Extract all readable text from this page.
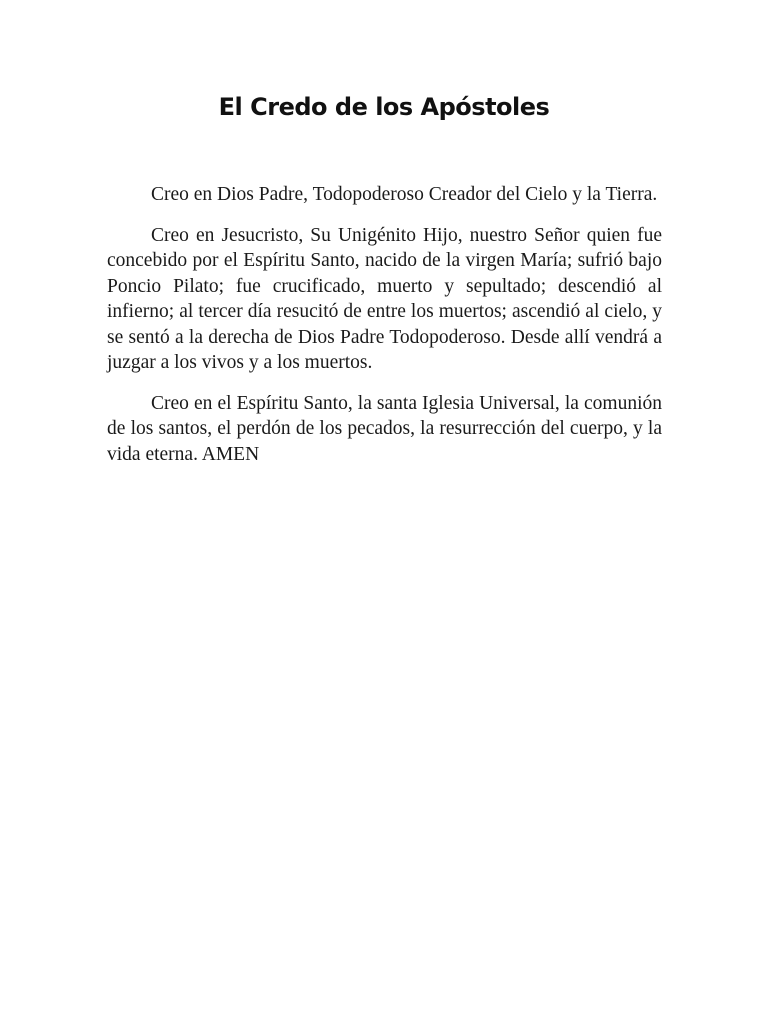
El Credo de los Apóstoles

Creo en Dios Padre, Todopoderoso Creador del Cielo y la Tierra.

Creo en Jesucristo, Su Unigénito Hijo, nuestro Señor quien fue concebido por el Espíritu Santo, nacido de la virgen María; sufrió bajo Poncio Pilato; fue crucificado, muerto y sepultado; descendió al infierno; al tercer día resucitó de entre los muertos; ascendió al cielo, y se sentó a la derecha de Dios Padre Todopoderoso. Desde allí vendrá a juzgar a los vivos y a los muertos.

Creo en el Espíritu Santo, la santa Iglesia Universal, la comunión de los santos, el perdón de los pecados, la resurrección del cuerpo, y la vida eterna. AMEN
